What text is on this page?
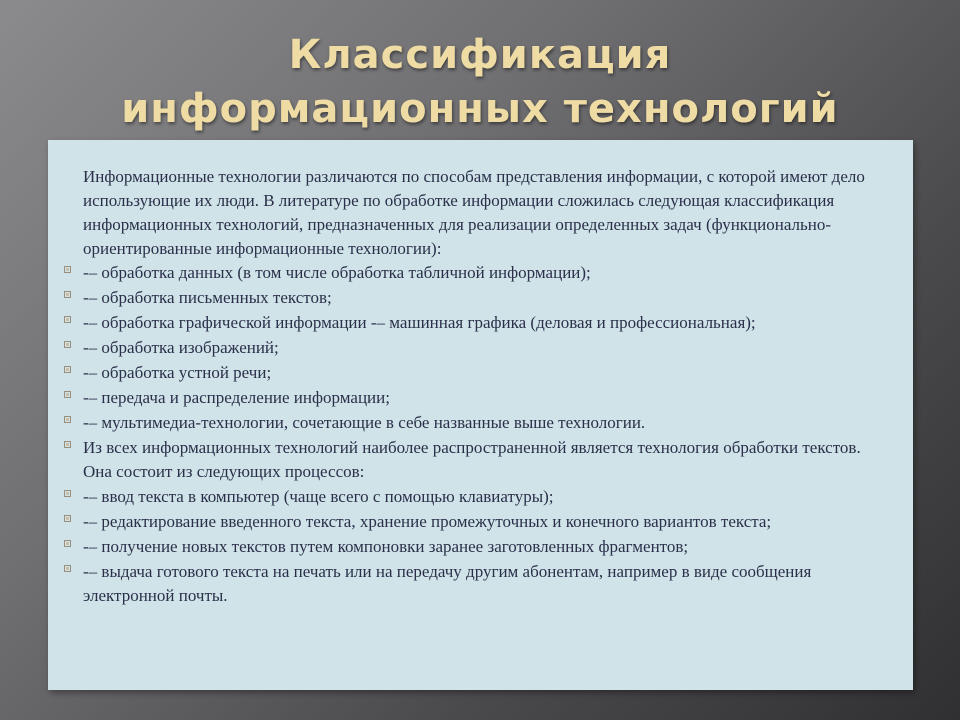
Классификация
информационных технологий
Информационные технологии различаются по способам представления информации, с которой имеют дело использующие их люди. В литературе по обработке информации сложилась следующая классификация информационных технологий, предназначенных для реализации определенных задач (функционально-ориентированные информационные технологии):
-– обработка данных (в том числе обработка табличной информации);
-– обработка письменных текстов;
-– обработка графической информации -– машинная графика (деловая и профессиональная);
-– обработка изображений;
-– обработка устной речи;
-– передача и распределение информации;
-– мультимедиа-технологии, сочетающие в себе названные выше технологии.
Из всех информационных технологий наиболее распространенной является технология обработки текстов. Она состоит из следующих процессов:
-– ввод текста в компьютер (чаще всего с помощью клавиатуры);
-– редактирование введенного текста, хранение промежуточных и конечного вариантов текста;
-– получение новых текстов путем компоновки заранее заготовленных фрагментов;
-– выдача готового текста на печать или на передачу другим абонентам, например в виде сообщения электронной почты.
